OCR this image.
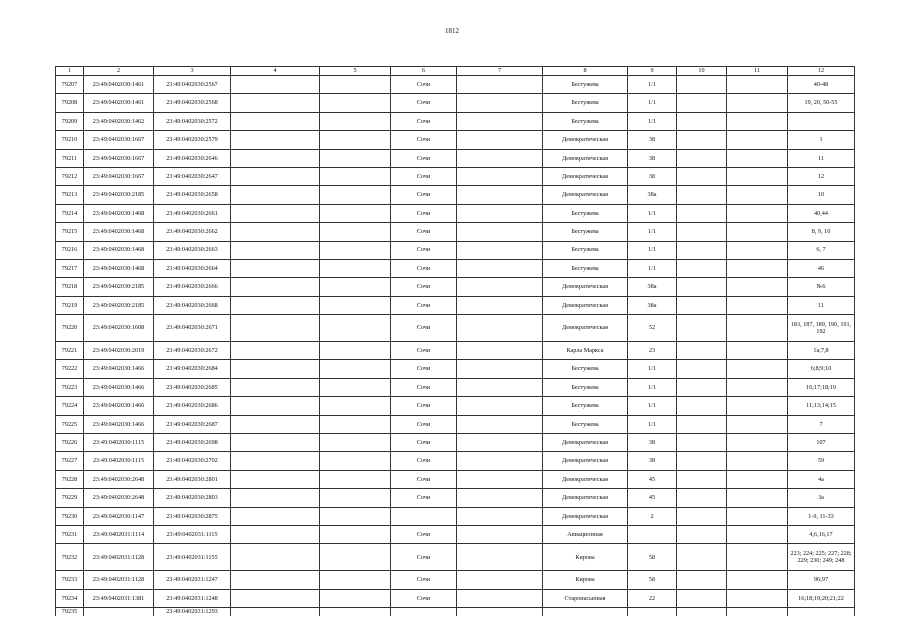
1812
1	2	3	4	5	6	7	8	9	10	11	12
79207	23:49:0402030:1461	23:49:0402030:2567			Сочи		Бестужева	1/1			40-48
79208	23:49:0402030:1461	23:49:0402030:2568			Сочи		Бестужева	1/1			19, 20, 50-55
79209	23:49:0402030:1462	23:49:0402030:2572			Сочи		Бестужева	1/1			
79210	23:49:0402030:1667	23:49:0402030:2579			Сочи		Демократическая	38			1
79211	23:49:0402030:1667	23:49:0402030:2646			Сочи		Демократическая	38			11
79212	23:49:0402030:1667	23:49:0402030:2647			Сочи		Демократическая	38			12
79213	23:49:0402030:2185	23:49:0402030:2658			Сочи		Демократическая	38а			10
79214	23:49:0402030:1468	23:49:0402030:2661			Сочи		Бестужева	1/1			40,44
79215	23:49:0402030:1468	23:49:0402030:2662			Сочи		Бестужева	1/1			8, 9, 10
79216	23:49:0402030:1468	23:49:0402030:2663			Сочи		Бестужева	1/1			6, 7
79217	23:49:0402030:1468	23:49:0402030:2664			Сочи		Бестужева	1/1			46
79218	23:49:0402030:2185	23:49:0402030:2666			Сочи		Демократическая	38а			№6
79219	23:49:0402030:2185	23:49:0402030:2668			Сочи		Демократическая	38а			11
79220	23:49:0402030:1608	23:49:0402030:2671			Сочи		Демократическая	52			183, 187, 189, 190, 191, 192
79221	23:49:0402030:2019	23:49:0402030:2672			Сочи		Карла Маркса	23			1а;7,8
79222	23:49:0402030:1466	23:49:0402030:2684			Сочи		Бестужева	1/1			6;8;9;10
79223	23:49:0402030:1466	23:49:0402030:2685			Сочи		Бестужева	1/1			16;17;18;19
79224	23:49:0402030:1466	23:49:0402030:2686			Сочи		Бестужева	1/1			11;13;14;15
79225	23:49:0402030:1466	23:49:0402030:2687			Сочи		Бестужева	1/1			7
79226	23:49:0402030:1115	23:49:0402030:2698			Сочи		Демократическая	38			107
79227	23:49:0402030:1115	23:49:0402030:2702			Сочи		Демократическая	38			59
79228	23:49:0402030:2648	23:49:0402030:2801			Сочи		Демократическая	45			4а
79229	23:49:0402030:2648	23:49:0402030:2803			Сочи		Демократическая	45			3а
79230	23:49:0402030:1147	23:49:0402030:2875					Демократическая	2			1-9, 11-33
79231	23:49:0402031:1114	23:49:0402031:1115			Сочи		Авиационная				4,6,16,17
79232	23:49:0402031:1128	23:49:0402031:1155			Сочи		Кирова	58			223; 224; 225; 227; 228; 229; 230; 249; 248
79233	23:49:0402031:1128	23:49:0402031:1247			Сочи		Кирова	58			96;97
79234	23:49:0402031:1381	23:49:0402031:1248			Сочи		Старонасыпная	22			16;18;19;20;21;22
79235		23:49:0402031:1293									
